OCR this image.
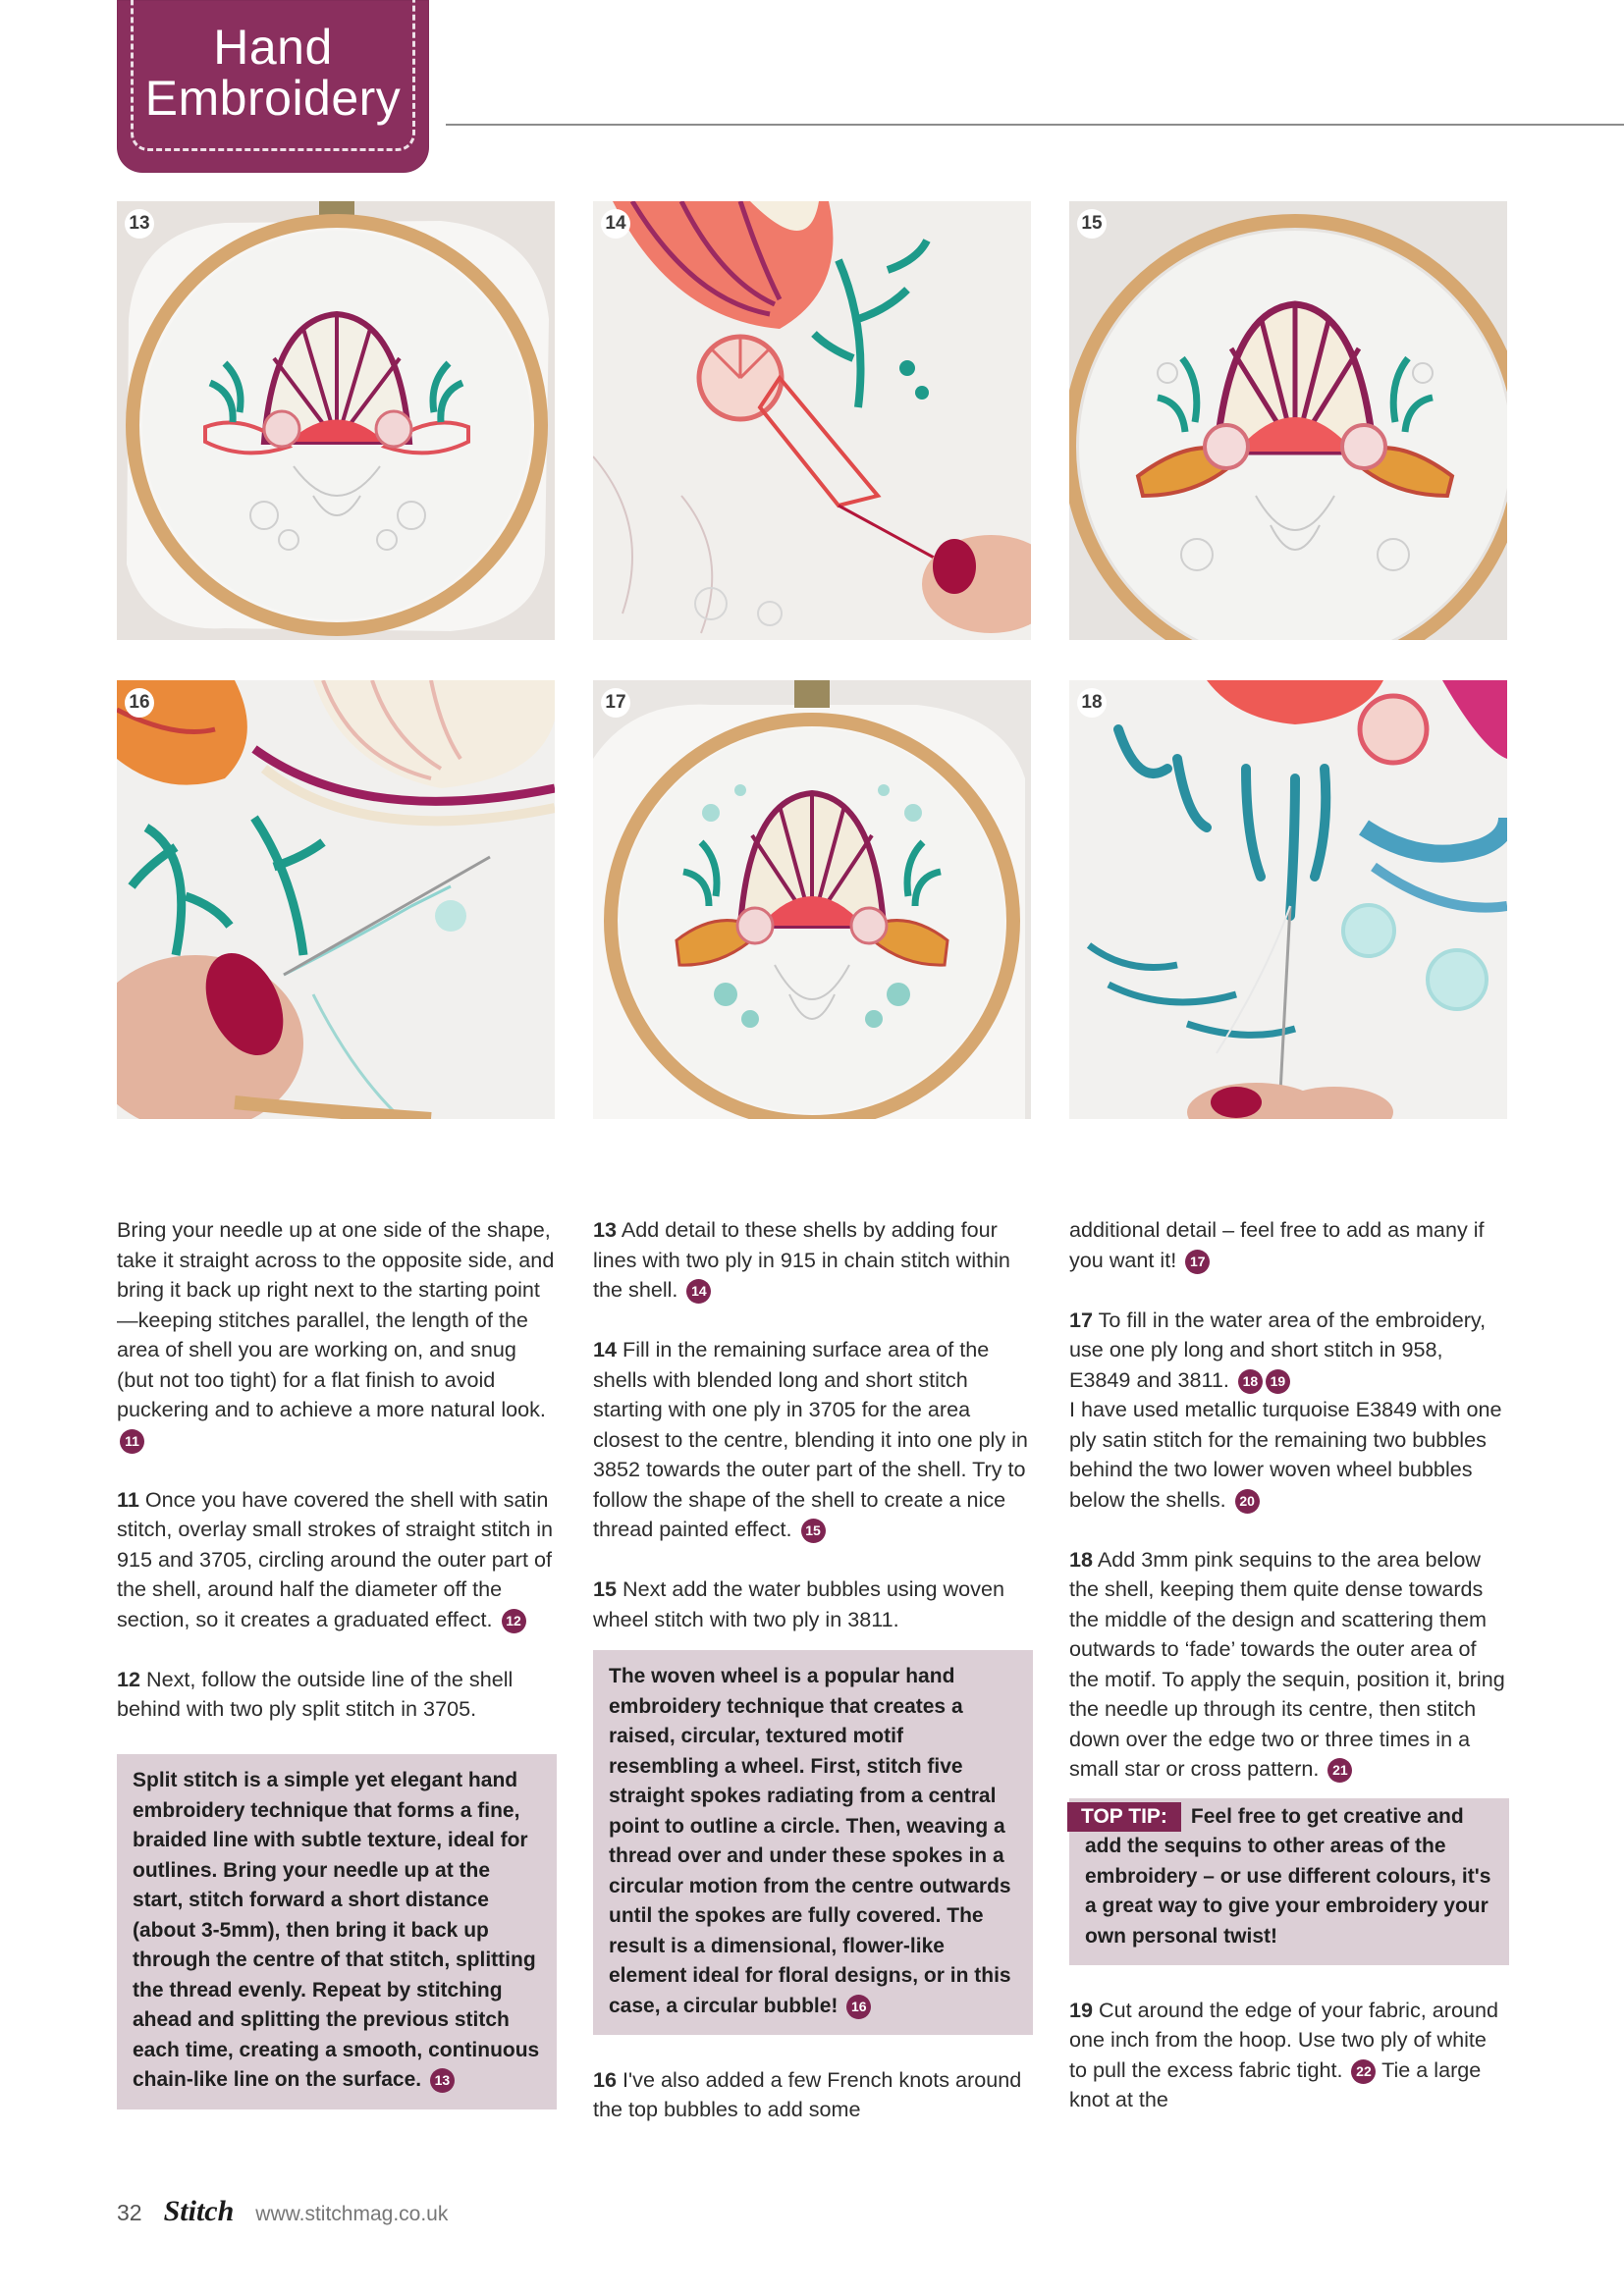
Hand
Embroidery
13	14	15
16	17	18

Bring your needle up at one side of the shape, take it straight across to the opposite side, and bring it back up right next to the starting point—keeping stitches parallel, the length of the area of shell you are working on, and snug (but not too tight) for a flat finish to avoid puckering and to achieve a more natural look. 11

11 Once you have covered the shell with satin stitch, overlay small strokes of straight stitch in 915 and 3705, circling around the outer part of the shell, around half the diameter off the section, so it creates a graduated effect. 12

12 Next, follow the outside line of the shell behind with two ply split stitch in 3705.

Split stitch is a simple yet elegant hand embroidery technique that forms a fine, braided line with subtle texture, ideal for outlines. Bring your needle up at the start, stitch forward a short distance (about 3-5mm), then bring it back up through the centre of that stitch, splitting the thread evenly. Repeat by stitching ahead and splitting the previous stitch each time, creating a smooth, continuous chain-like line on the surface. 13

13 Add detail to these shells by adding four lines with two ply in 915 in chain stitch within the shell. 14

14 Fill in the remaining surface area of the shells with blended long and short stitch starting with one ply in 3705 for the area closest to the centre, blending it into one ply in 3852 towards the outer part of the shell. Try to follow the shape of the shell to create a nice thread painted effect. 15

15 Next add the water bubbles using woven wheel stitch with two ply in 3811.

The woven wheel is a popular hand embroidery technique that creates a raised, circular, textured motif resembling a wheel. First, stitch five straight spokes radiating from a central point to outline a circle. Then, weaving a thread over and under these spokes in a circular motion from the centre outwards until the spokes are fully covered. The result is a dimensional, flower-like element ideal for floral designs, or in this case, a circular bubble! 16

16 I've also added a few French knots around the top bubbles to add some

additional detail – feel free to add as many if you want it! 17

17 To fill in the water area of the embroidery, use one ply long and short stitch in 958, E3849 and 3811. 18 19
I have used metallic turquoise E3849 with one ply satin stitch for the remaining two bubbles behind the two lower woven wheel bubbles below the shells. 20

18 Add 3mm pink sequins to the area below the shell, keeping them quite dense towards the middle of the design and scattering them outwards to ‘fade’ towards the outer area of the motif. To apply the sequin, position it, bring the needle up through its centre, then stitch down over the edge two or three times in a small star or cross pattern. 21

TOP TIP: Feel free to get creative and add the sequins to other areas of the embroidery – or use different colours, it's a great way to give your embroidery your own personal twist!

19 Cut around the edge of your fabric, around one inch from the hoop. Use two ply of white to pull the excess fabric tight. 22 Tie a large knot at the

32 Stitch www.stitchmag.co.uk
